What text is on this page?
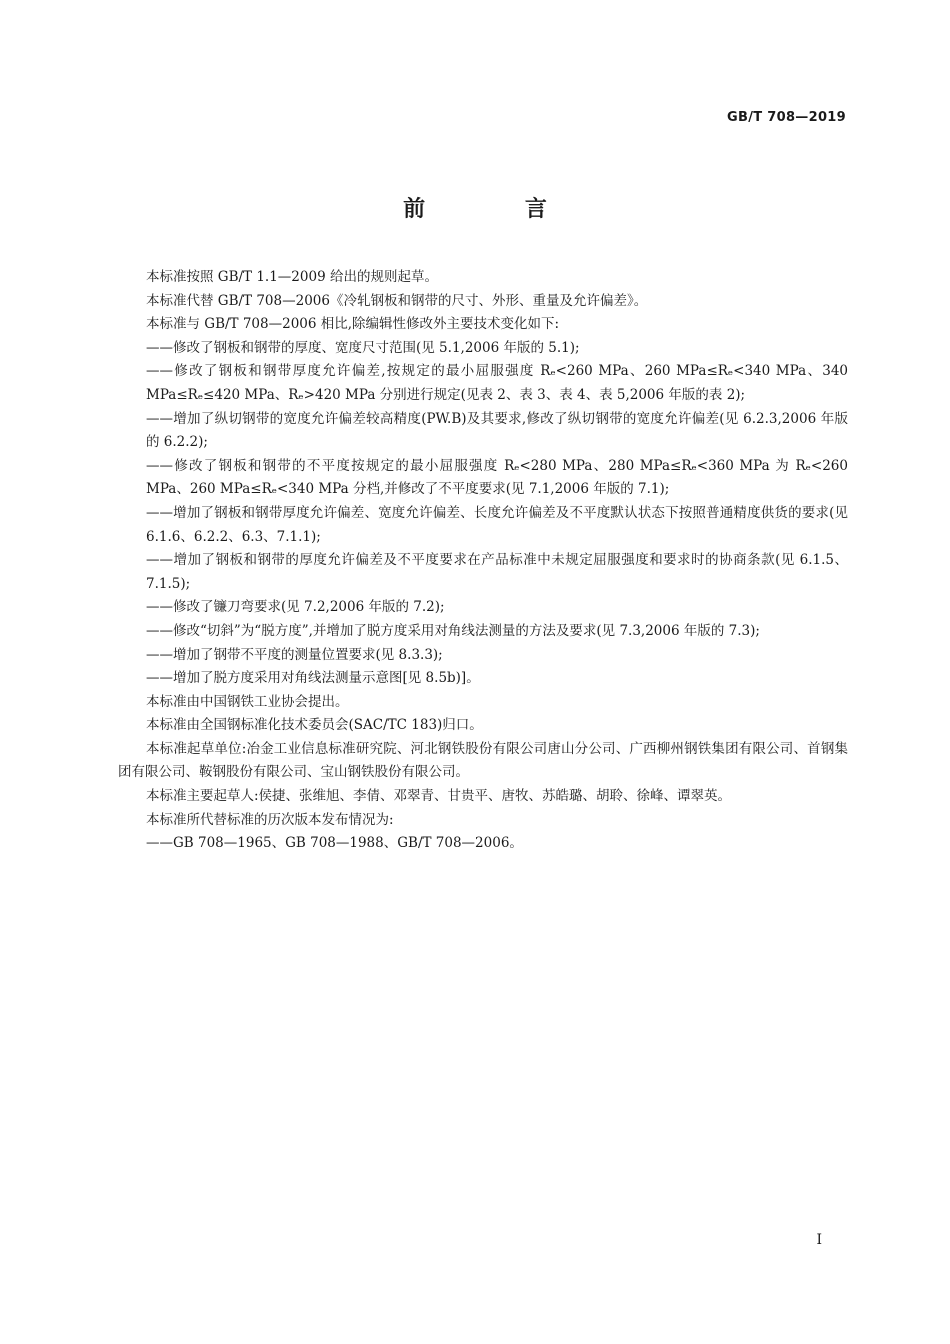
GB/T 708—2019
前 言

本标准按照 GB/T 1.1—2009 给出的规则起草。

本标准代替 GB/T 708—2006《冷轧钢板和钢带的尺寸、外形、重量及允许偏差》。

本标准与 GB/T 708—2006 相比,除编辑性修改外主要技术变化如下:

——修改了钢板和钢带的厚度、宽度尺寸范围(见 5.1,2006 年版的 5.1);

——修改了钢板和钢带厚度允许偏差,按规定的最小屈服强度 Rₑ<260 MPa、260 MPa≤Rₑ<340 MPa、340 MPa≤Rₑ≤420 MPa、Rₑ>420 MPa 分别进行规定(见表 2、表 3、表 4、表 5,2006 年版的表 2);

——增加了纵切钢带的宽度允许偏差较高精度(PW.B)及其要求,修改了纵切钢带的宽度允许偏差(见 6.2.3,2006 年版的 6.2.2);

——修改了钢板和钢带的不平度按规定的最小屈服强度 Rₑ<280 MPa、280 MPa≤Rₑ<360 MPa 为 Rₑ<260 MPa、260 MPa≤Rₑ<340 MPa 分档,并修改了不平度要求(见 7.1,2006 年版的 7.1);

——增加了钢板和钢带厚度允许偏差、宽度允许偏差、长度允许偏差及不平度默认状态下按照普通精度供货的要求(见 6.1.6、6.2.2、6.3、7.1.1);

——增加了钢板和钢带的厚度允许偏差及不平度要求在产品标准中未规定屈服强度和要求时的协商条款(见 6.1.5、7.1.5);

——修改了镰刀弯要求(见 7.2,2006 年版的 7.2);

——修改“切斜”为“脱方度”,并增加了脱方度采用对角线法测量的方法及要求(见 7.3,2006 年版的 7.3);

——增加了钢带不平度的测量位置要求(见 8.3.3);

——增加了脱方度采用对角线法测量示意图[见 8.5b)]。

本标准由中国钢铁工业协会提出。

本标准由全国钢标准化技术委员会(SAC/TC 183)归口。

本标准起草单位:冶金工业信息标准研究院、河北钢铁股份有限公司唐山分公司、广西柳州钢铁集团有限公司、首钢集团有限公司、鞍钢股份有限公司、宝山钢铁股份有限公司。

本标准主要起草人:侯捷、张维旭、李倩、邓翠青、甘贵平、唐牧、苏皓璐、胡聆、徐峰、谭翠英。

本标准所代替标准的历次版本发布情况为:

——GB 708—1965、GB 708—1988、GB/T 708—2006。

I
